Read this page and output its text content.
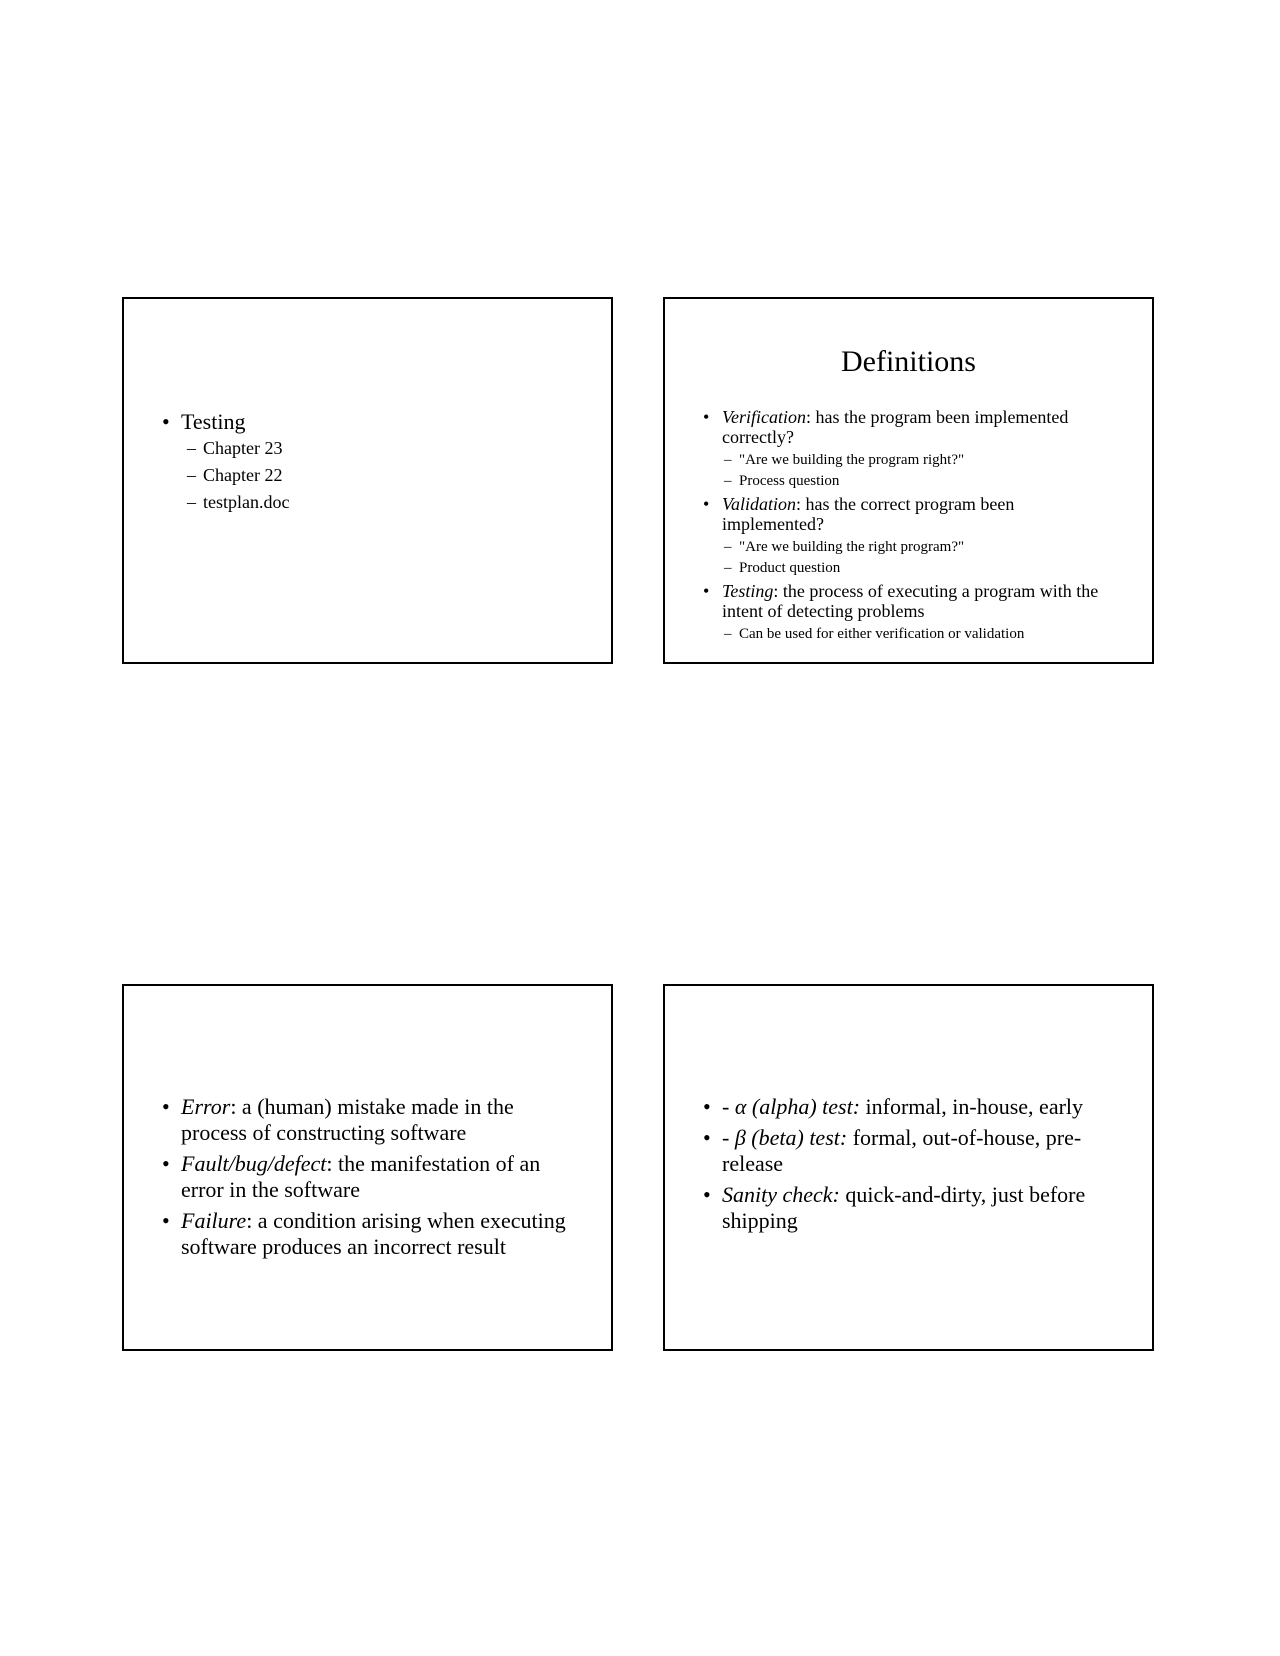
• Testing
– Chapter 23
– Chapter 22
– testplan.doc
Definitions
• Verification: has the program been implemented correctly?
– "Are we building the program right?"
– Process question
• Validation: has the correct program been implemented?
– "Are we building the right program?"
– Product question
• Testing: the process of executing a program with the intent of detecting problems
– Can be used for either verification or validation
• Error: a (human) mistake made in the process of constructing software
• Fault/bug/defect: the manifestation of an error in the software
• Failure: a condition arising when executing software produces an incorrect result
• - α (alpha) test: informal, in-house, early
• - β (beta) test: formal, out-of-house, pre-release
• Sanity check: quick-and-dirty, just before shipping
